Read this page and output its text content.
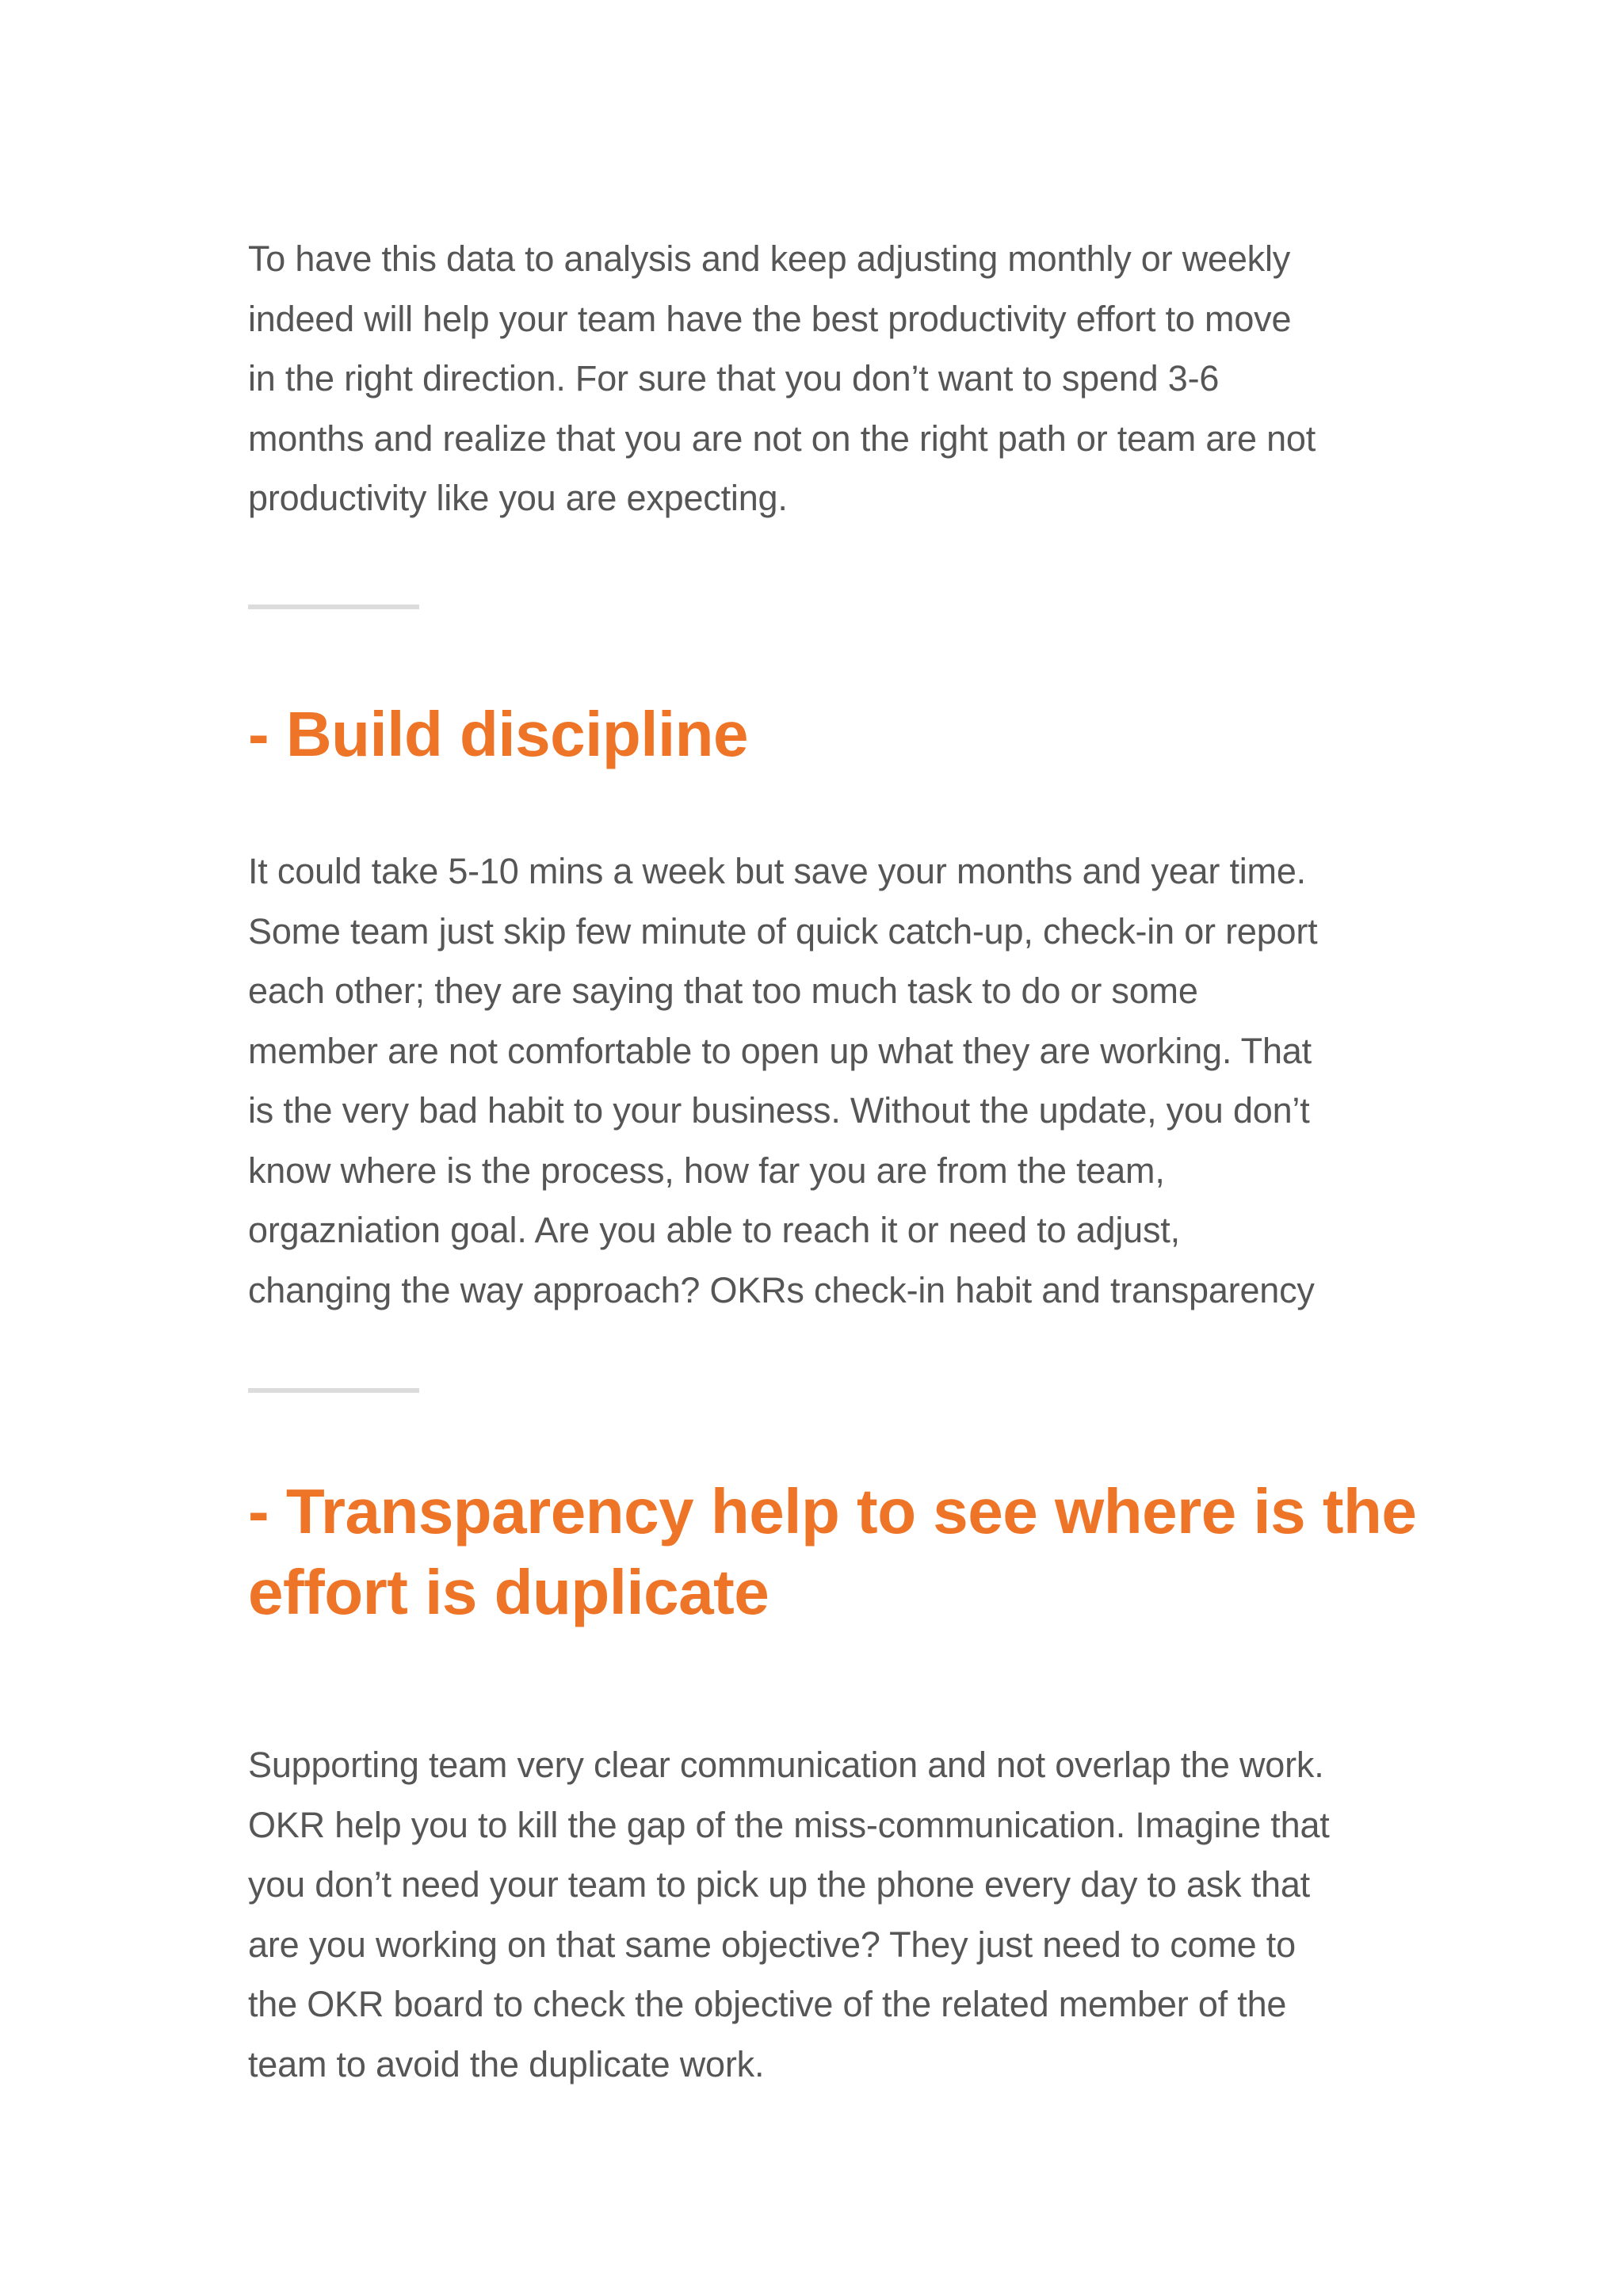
To have this data to analysis and keep adjusting monthly or weekly
indeed will help your team have the best productivity effort to move
in the right direction. For sure that you don’t want to spend 3-6
months and realize that you are not on the right path or team are not
productivity like you are expecting.

- Build discipline

It could take 5-10 mins a week but save your months and year time.
Some team just skip few minute of quick catch-up, check-in or report
each other; they are saying that too much task to do or some
member are not comfortable to open up what they are working. That
is the very bad habit to your business. Without the update, you don’t
know where is the process, how far you are from the team,
orgazniation goal. Are you able to reach it or need to adjust,
changing the way approach? OKRs check-in habit and transparency

- Transparency help to see where is the
effort is duplicate

Supporting team very clear communication and not overlap the work.
OKR help you to kill the gap of the miss-communication. Imagine that
you don’t need your team to pick up the phone every day to ask that
are you working on that same objective? They just need to come to
the OKR board to check the objective of the related member of the
team to avoid the duplicate work.
